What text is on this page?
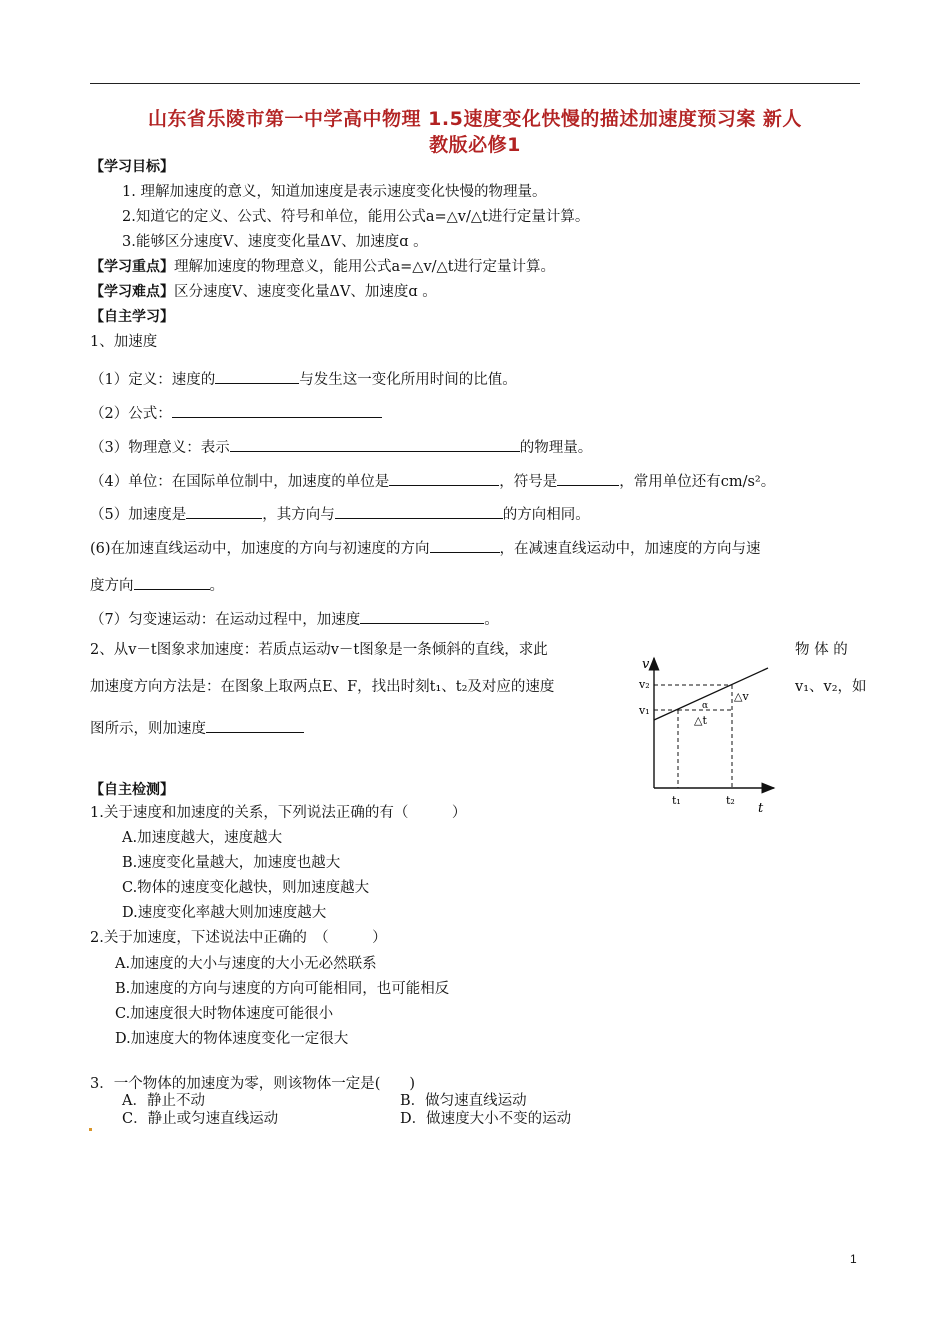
山东省乐陵市第一中学高中物理 1.5速度变化快慢的描述加速度预习案 新人
教版必修1
【学习目标】
1. 理解加速度的意义，知道加速度是表示速度变化快慢的物理量。
2.知道它的定义、公式、符号和单位，能用公式a=△v/△t进行定量计算。
3.能够区分速度V、速度变化量ΔV、加速度ɑ 。
【学习重点】理解加速度的物理意义，能用公式a=△v/△t进行定量计算。
【学习难点】区分速度V、速度变化量ΔV、加速度ɑ 。
【自主学习】
1、加速度
（1）定义：速度的	与发生这一变化所用时间的比值。
（2）公式：
（3）物理意义：表示	的物理量。
（4）单位：在国际单位制中，加速度的单位是	，符号是	，常用单位还有cm/s²。
（5）加速度是	，其方向与	的方向相同。
(6)在加速直线运动中，加速度的方向与初速度的方向	，在减速直线运动中，加速度的方向与速
度方向	。
（7）匀变速运动：在运动过程中，加速度	。
2、从v－t图象求加速度：若质点运动v－t图象是一条倾斜的直线，求此	物 体 的
加速度方向方法是：在图象上取两点E、F，找出时刻t₁、t₂及对应的速度	v₁、v₂，如
图所示，则加速度
v
t
v₂
v₁
t₁	t₂
△v
△t
α
【自主检测】
1.关于速度和加速度的关系，下列说法正确的有（　　　）
A.加速度越大，速度越大
B.速度变化量越大，加速度也越大
C.物体的速度变化越快，则加速度越大
D.速度变化率越大则加速度越大
2.关于加速度，下述说法中正确的　（　　　）
A.加速度的大小与速度的大小无必然联系
B.加速度的方向与速度的方向可能相同，也可能相反
C.加速度很大时物体速度可能很小
D.加速度大的物体速度变化一定很大
3．一个物体的加速度为零，则该物体一定是(　　)
A．静止不动	B．做匀速直线运动
C．静止或匀速直线运动	D．做速度大小不变的运动
1
